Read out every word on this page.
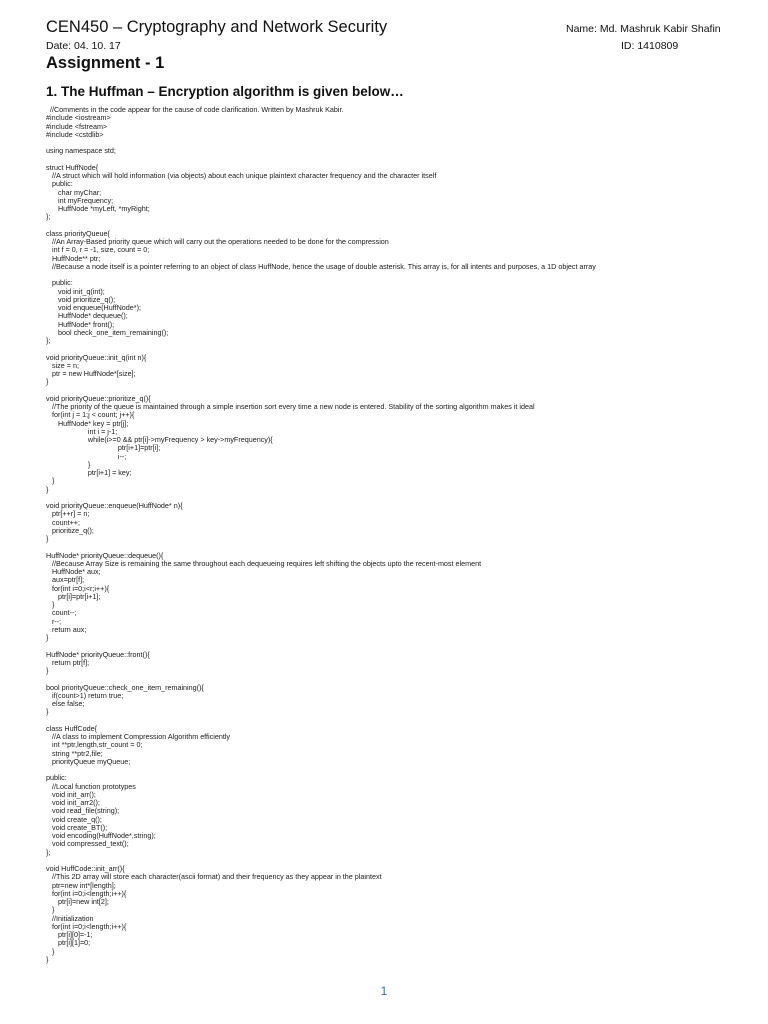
CEN450 – Cryptography and Network Security	Name: Md. Mashruk Kabir Shafin
Date: 04. 10. 17	ID: 1410809
Assignment - 1
1. The Huffman – Encryption algorithm is given below…
//Comments in the code appear for the cause of code clarification. Written by Mashruk Kabir.
#include <iostream>
#include <fstream>
#include <cstdlib>

using namespace std;

struct HuffNode{
//A struct which will hold information (via objects) about each unique plaintext character frequency and the character itself
public:
char myChar;
int myFrequency;
HuffNode *myLeft, *myRight;
};

class priorityQueue{
//An Array-Based priority queue which will carry out the operations needed to be done for the compression
int f = 0, r = -1, size, count = 0;
HuffNode** ptr;
//Because a node itself is a pointer referring to an object of class HuffNode, hence the usage of double asterisk. This array is, for all intents and purposes, a 1D object array

public:
void init_q(int);
void prioritize_q();
void enqueue(HuffNode*);
HuffNode* dequeue();
HuffNode* front();
bool check_one_item_remaining();
};

void priorityQueue::init_q(int n){
size = n;
ptr = new HuffNode*[size];
}

void priorityQueue::prioritize_q(){
//The priority of the queue is maintained through a simple insertion sort every time a new node is entered. Stability of the sorting algorithm makes it ideal
for(int j = 1;j < count; j++){
HuffNode* key = ptr[j];
int i = j-1;
while(i>=0 && ptr[i]->myFrequency > key->myFrequency){
ptr[i+1]=ptr[i];
i--;
}
ptr[i+1] = key;
}
}

void priorityQueue::enqueue(HuffNode* n){
ptr[++r] = n;
count++;
prioritize_q();
}

HuffNode* priorityQueue::dequeue(){
//Because Array Size is remaining the same throughout each dequeueing requires left shifting the objects upto the recent-most element
HuffNode* aux;
aux=ptr[f];
for(int i=0;i<r;i++){
ptr[i]=ptr[i+1];
}
count--;
r--;
return aux;
}

HuffNode* priorityQueue::front(){
return ptr[f];
}

bool priorityQueue::check_one_item_remaining(){
if(count>1) return true;
else false;
}

class HuffCode{
//A class to implement Compression Algorithm efficiently
int **ptr,length,str_count = 0;
string **ptr2,file;
priorityQueue myQueue;

public:
//Local function prototypes
void init_arr();
void init_arr2();
void read_file(string);
void create_q();
void create_BT();
void encoding(HuffNode*,string);
void compressed_text();
};

void HuffCode::init_arr(){
//This 2D array will store each character(ascii format) and their frequency as they appear in the plaintext
ptr=new int*[length];
for(int i=0;i<length;i++){
ptr[i]=new int[2];
}
//Initialization
for(int i=0;i<length;i++){
ptr[i][0]=-1;
ptr[i][1]=0;
}
}

1
